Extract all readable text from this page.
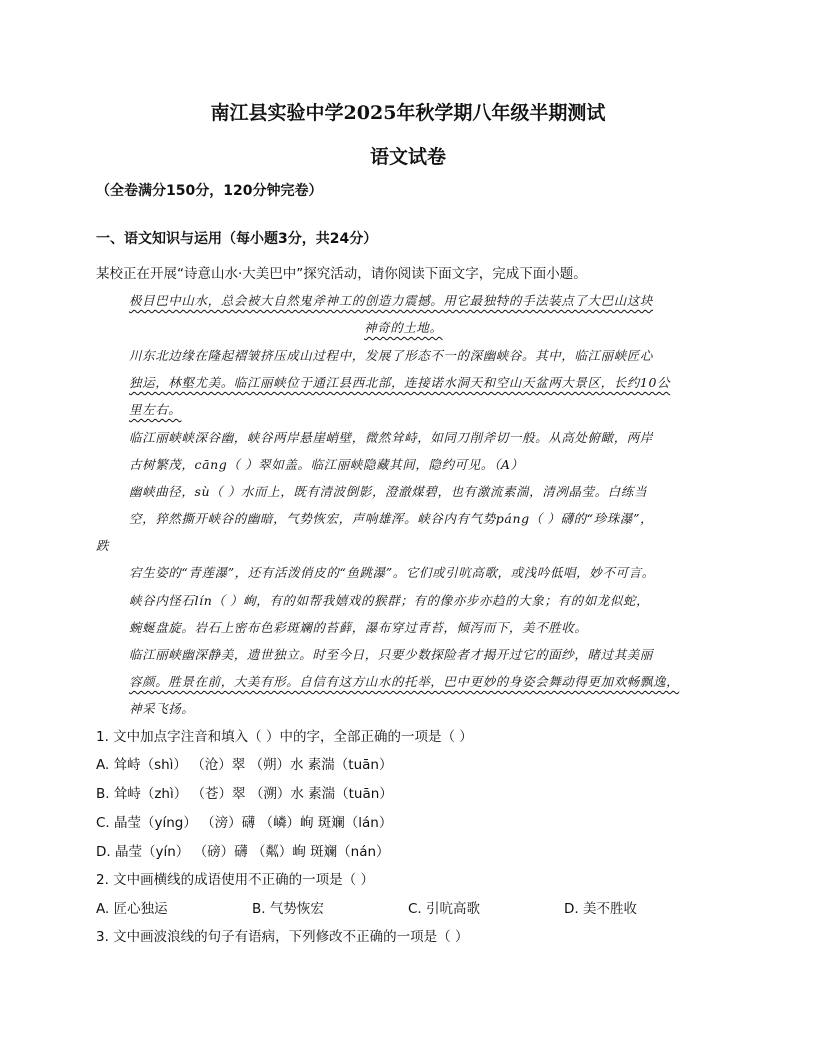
南江县实验中学2025年秋学期八年级半期测试
语文试卷
（全卷满分150分，120分钟完卷）
一、语文知识与运用（每小题3分，共24分）
某校正在开展“诗意山水·大美巴中”探究活动，请你阅读下面文字，完成下面小题。
极目巴中山水，总会被大自然鬼斧神工的创造力震撼。用它最独特的手法装点了大巴山这块
神奇的土地。
川东北边缘在隆起褶皱挤压成山过程中，发展了形态不一的深幽峡谷。其中，临江丽峡匠心
独运，林壑尤美。临江丽峡位于通江县西北部，连接诺水洞天和空山天盆两大景区，长约10公
里左右。
临江丽峡峡深谷幽，峡谷两岸悬崖峭壁，微然耸峙，如同刀削斧切一般。从高处俯瞰，两岸
古树繁茂，cāng（ ）翠如盖。临江丽峡隐藏其间，隐约可见。（A）
幽峡曲径，sù（ ）水而上，既有清波倒影，澄澈煤碧，也有激流素湍，清冽晶莹。白练当
空，猝然撕开峡谷的幽暗，气势恢宏，声响雄浑。峡谷内有气势páng（ ）礴的“珍珠瀑”，
跌
宕生姿的“青莲瀑”，还有活泼俏皮的“鱼跳瀑”。它们或引吭高歌，或浅吟低唱，妙不可言。
峡谷内怪石lín（ ）峋，有的如帮我嬉戏的猴群；有的像亦步亦趋的大象；有的如龙似蛇，
蜿蜒盘旋。岩石上密布色彩斑斓的苔藓，瀑布穿过青苔，倾泻而下，美不胜收。
临江丽峡幽深静美，遗世独立。时至今日，只要少数探险者才揭开过它的面纱，睹过其美丽
容颜。胜景在前，大美有形。自信有这方山水的托举，巴中更妙的身姿会舞动得更加欢畅飘逸，
神采飞扬。
1. 文中加点字注音和填入（ ）中的字，全部正确的一项是（ ）
A. 耸峙（shì） （沧）翠 （朔）水 素湍（tuān）
B. 耸峙（zhì） （苍）翠 （溯）水 素湍（tuān）
C. 晶莹（yíng） （滂）礴 （嶙）峋 斑斓（lán）
D. 晶莹（yín） （磅）礴 （粼）峋 斑斓（nán）
2. 文中画横线的成语使用不正确的一项是（ ）
A. 匠心独运	B. 气势恢宏	C. 引吭高歌	D. 美不胜收
3. 文中画波浪线的句子有语病，下列修改不正确的一项是（ ）
